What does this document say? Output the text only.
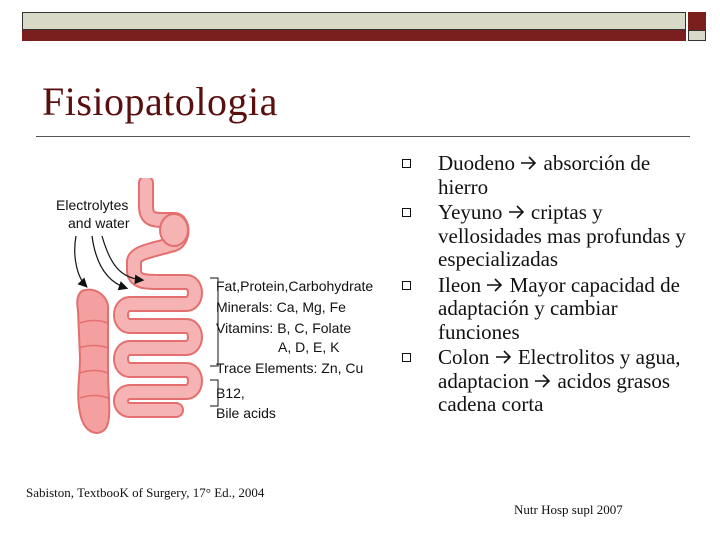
Fisiopatologia
Electrolytes
and water
Fat,Protein,Carbohydrate
Minerals: Ca, Mg, Fe
Vitamins: B, C, Folate
A, D, E, K
Trace Elements: Zn, Cu
B12,
Bile acids
Duodeno absorción de hierro
Yeyuno criptas y vellosidades mas profundas y especializadas
Ileon Mayor capacidad de adaptación y cambiar funciones
Colon Electrolitos y agua, adaptacion acidos grasos cadena corta
Sabiston, TextbooK of Surgery, 17° Ed., 2004
Nutr Hosp supl 2007
